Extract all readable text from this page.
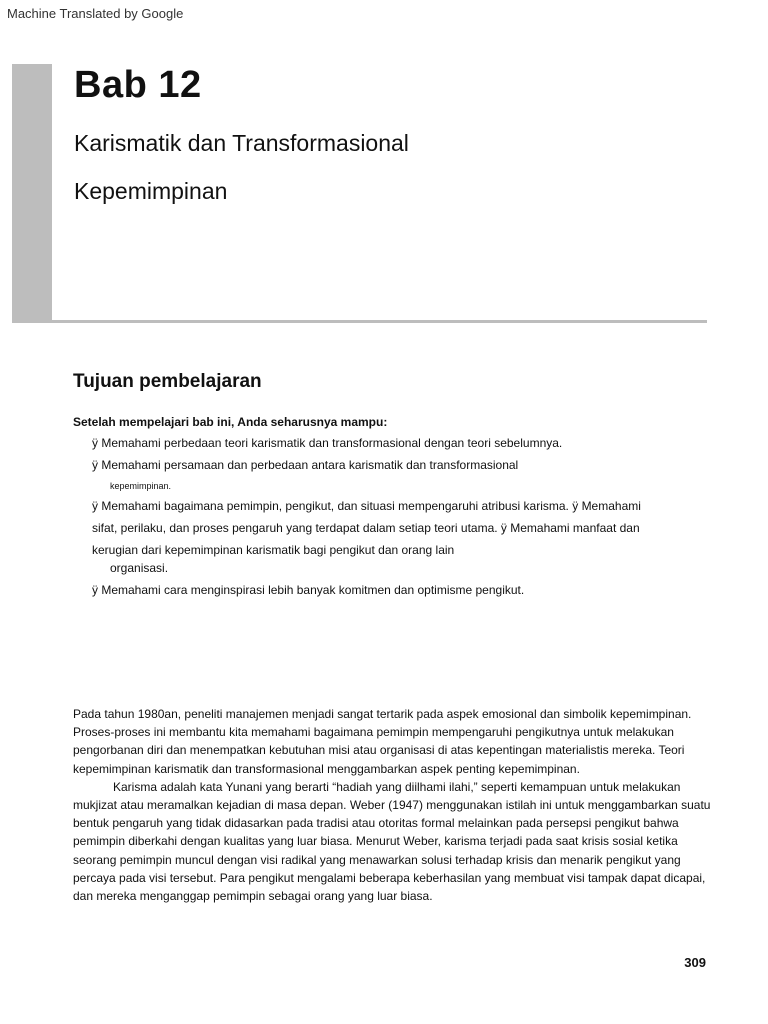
Machine Translated by Google
Bab 12
Karismatik dan Transformasional
Kepemimpinan
Tujuan pembelajaran
Setelah mempelajari bab ini, Anda seharusnya mampu:
ÿ Memahami perbedaan teori karismatik dan transformasional dengan teori sebelumnya.
ÿ Memahami persamaan dan perbedaan antara karismatik dan transformasional
kepemimpinan.
ÿ Memahami bagaimana pemimpin, pengikut, dan situasi mempengaruhi atribusi karisma. ÿ Memahami
sifat, perilaku, dan proses pengaruh yang terdapat dalam setiap teori utama. ÿ Memahami manfaat dan
kerugian dari kepemimpinan karismatik bagi pengikut dan orang lain
organisasi.
ÿ Memahami cara menginspirasi lebih banyak komitmen dan optimisme pengikut.

Pada tahun 1980an, peneliti manajemen menjadi sangat tertarik pada aspek emosional dan simbolik kepemimpinan. Proses-proses ini membantu kita memahami bagaimana pemimpin mempengaruhi pengikutnya untuk melakukan pengorbanan diri dan menempatkan kebutuhan misi atau organisasi di atas kepentingan materialistis mereka. Teori kepemimpinan karismatik dan transformasional menggambarkan aspek penting kepemimpinan.

Karisma adalah kata Yunani yang berarti “hadiah yang diilhami ilahi,” seperti kemampuan untuk melakukan mukjizat atau meramalkan kejadian di masa depan. Weber (1947) menggunakan istilah ini untuk menggambarkan suatu bentuk pengaruh yang tidak didasarkan pada tradisi atau otoritas formal melainkan pada persepsi pengikut bahwa pemimpin diberkahi dengan kualitas yang luar biasa. Menurut Weber, karisma terjadi pada saat krisis sosial ketika seorang pemimpin muncul dengan visi radikal yang menawarkan solusi terhadap krisis dan menarik pengikut yang percaya pada visi tersebut. Para pengikut mengalami beberapa keberhasilan yang membuat visi tampak dapat dicapai, dan mereka menganggap pemimpin sebagai orang yang luar biasa.

309
